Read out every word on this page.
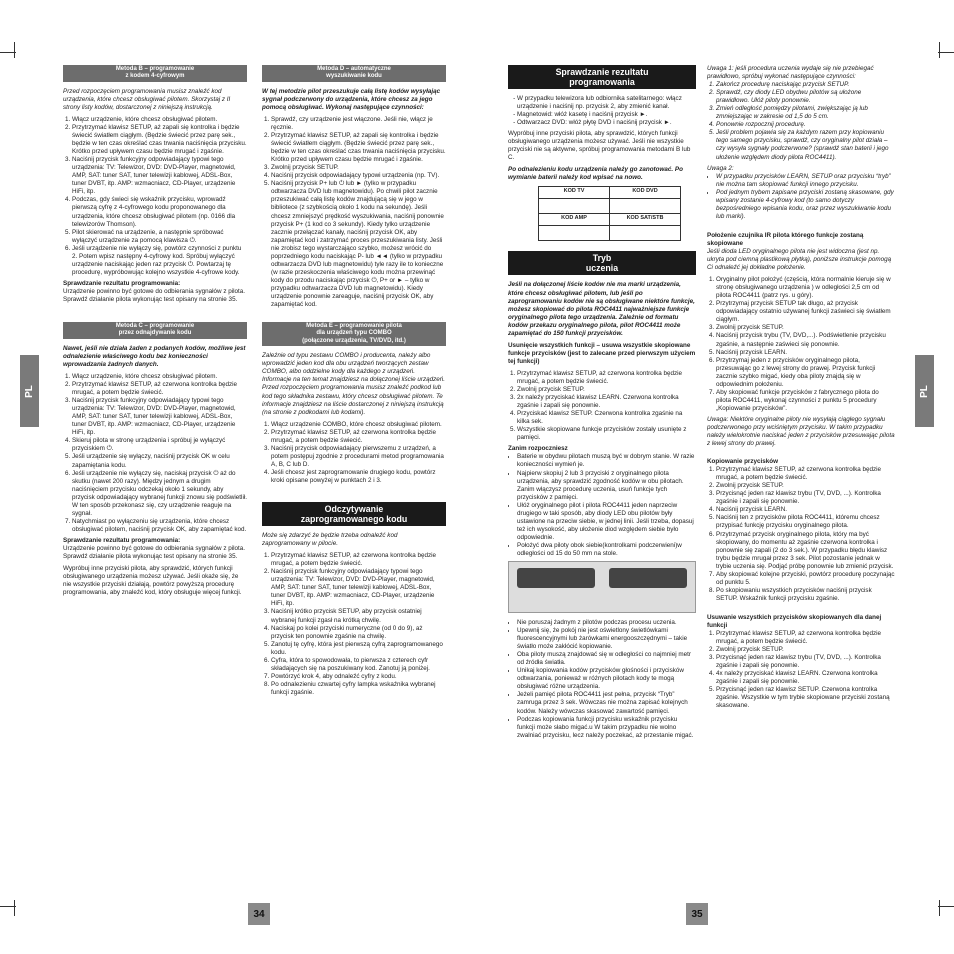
PL	PL
34	35
Metoda B – programowanie
z kodem 4-cyfrowym

Przed rozpoczęciem programowania musisz znaleźć kod urządzenia, które chcesz obsługiwać pilotem. Skorzystaj z II strony listy kodów, dostarczonej z niniejszą instrukcją.

1. Włącz urządzenie, które chcesz obsługiwać pilotem.
2. Przytrzymać klawisz SETUP, aż zapali się kontrolka i będzie świecić światłem ciągłym. (Będzie świecić przez parę sek., będzie w ten czas określać czas trwania naciśnięcia przycisku. Krótko przed upływem czasu będzie mrugać i zgaśnie.
3. Naciśnij przycisk funkcyjny odpowiadający typowi tego urządzenia: TV: Telewizor, DVD: DVD-Player, magnetowid, AMP, SAT: tuner SAT, tuner telewizji kablowej, ADSL-Box, tuner DVBT, itp. AMP: wzmacniacz, CD-Player, urządzenie HiFi, itp.
4. Podczas, gdy świeci się wskaźnik przycisku, wprowadź pierwszą cyfrę z 4-cyfrowego kodu proponowanego dla urządzenia, które chcesz obsługiwać pilotem (np. 0166 dla telewizorów Thomson).
5. Pilot skierować na urządzenie, a następnie spróbować wyłączyć urządzenie za pomocą klawisza ⏻.
6. Jeśli urządzenie nie wyłączy się, powtórz czynności z punktu 2. Potem wpisz następny 4-cyfrowy kod. Spróbuj wyłączyć urządzenie naciskając jeden raz przycisk ⏻. Powtarzaj tę procedurę, wypróbowując kolejno wszystkie 4-cyfrowe kody.

Sprawdzanie rezultatu programowania:

Urządzenie powinno być gotowe do odbierania sygnałów z pilota. Sprawdź działanie pilota wykonując test opisany na stronie 35.

Metoda C – programowanie
przez odnajdywanie kodu

Nawet, jeśli nie działa żaden z podanych kodów, możliwe jest odnalezienie właściwego kodu bez konieczności wprowadzania żadnych danych.

1. Włącz urządzenie, które chcesz obsługiwać pilotem.
2. Przytrzymać klawisz SETUP, aż czerwona kontrolka będzie mrugać, a potem będzie świecić.
3. Naciśnij przycisk funkcyjny odpowiadający typowi tego urządzenia: TV: Telewizor, DVD: DVD-Player, magnetowid, AMP, SAT: tuner SAT, tuner telewizji kablowej, ADSL-Box, tuner DVBT, itp. AMP: wzmacniacz, CD-Player, urządzenie HiFi, itp.
4. Skieruj pilota w stronę urządzenia i spróbuj je wyłączyć przyciskiem ⏻.
5. Jeśli urządzenie się wyłączy, naciśnij przycisk OK w celu zapamiętania kodu.
6. Jeśli urządzenie nie wyłączy się, naciskaj przycisk ⏻ aż do skutku (nawet 200 razy). Między jednym a drugim naciśnięciem przycisku odczekaj około 1 sekundy, aby przycisk odpowiadający wybranej funkcji znowu się podświetlił. W ten sposób przekonasz się, czy urządzenie reaguje na sygnał.
7. Natychmiast po wyłączeniu się urządzenia, które chcesz obsługiwać pilotem, naciśnij przycisk OK, aby zapamiętać kod.

Sprawdzanie rezultatu programowania:

Urządzenie powinno być gotowe do odbierania sygnałów z pilota. Sprawdź działanie pilota wykonując test opisany na stronie 35.

Wypróbuj inne przyciski pilota, aby sprawdzić, których funkcji obsługiwanego urządzenia możesz używać. Jeśli okaże się, że nie wszystkie przyciski działają, powtórz powyższą procedurę programowania, aby znaleźć kod, który obsługuje więcej funkcji.

Metoda D – automatyczne
wyszukiwanie kodu

W tej metodzie pilot przeszukuje całą listę kodów wysyłając sygnał podczerwony do urządzenia, które chcesz za jego pomocą obsługiwać. Wykonaj następujące czynności:

1. Sprawdź, czy urządzenie jest włączone. Jeśli nie, włącz je ręcznie.
2. Przytrzymać klawisz SETUP, aż zapali się kontrolka i będzie świecić światłem ciągłym. (Będzie świecić przez parę sek., będzie w ten czas określać czas trwania naciśnięcia przycisku. Krótko przed upływem czasu będzie mrugać i zgaśnie.
3. Zwolnij przycisk SETUP.
4. Naciśnij przycisk odpowiadający typowi urządzenia (np. TV).
5. Naciśnij przycisk P+ lub ⏻ lub ► (tylko w przypadku odtwarzacza DVD lub magnetowidu). Po chwili pilot zacznie przeszukiwać całą listę kodów znajdującą się w jego w bibliotece (z szybkością około 1 kodu na sekundę). Jeśli chcesz zmniejszyć prędkość wyszukiwania, naciśnij ponownie przycisk P+ (1 kod co 3 sekundy). Kiedy tylko urządzenie zacznie przełączać kanały, naciśnij przycisk OK, aby zapamiętać kod i zatrzymać proces przeszukiwania listy. Jeśli nie zrobisz tego wystarczająco szybko, możesz wrócić do poprzedniego kodu naciskając P- lub ◄◄ (tylko w przypadku odtwarzacza DVD lub magnetowidu) tyle razy ile to konieczne (w razie przeskoczenia właściwego kodu można przewinąć kody do przodu naciskając przycisk ⏻, P+ or ► – tylko w przypadku odtwarzacza DVD lub magnetowidu). Kiedy urządzenie ponownie zareaguje, naciśnij przycisk OK, aby zapamiętać kod.
Metoda E – programowanie pilota
dla urządzeń typu COMBO
(połączone urządzenia, TV/DVD, itd.)

Zależnie od typu zestawu COMBO i producenta, należy albo wprowadzić jeden kod dla obu urządzeń tworzących zestaw COMBO, albo oddzielne kody dla każdego z urządzeń. Informacje na ten temat znajdziesz na dołączonej liście urządzeń. Przed rozpoczęciem programowania musisz znaleźć podkod lub kod tego składnika zestawu, który chcesz obsługiwać pilotem. Te informacje znajdziesz na liście dostarczonej z niniejszą instrukcją (na stronie z podkodami lub kodami).

1. Włącz urządzenie COMBO, które chcesz obsługiwać pilotem.
2. Przytrzymać klawisz SETUP, aż czerwona kontrolka będzie mrugać, a potem będzie świecić.
3. Naciśnij przycisk odpowiadający pierwszemu z urządzeń, a potem postępuj zgodnie z procedurami metod programowania A, B, C lub D.
4. Jeśli chcesz jest zaprogramowanie drugiego kodu, powtórz kroki opisane powyżej w punktach 2 i 3.
Odczytywanie
zaprogramowanego kodu

Może się zdarzyć że będzie trzeba odnaleźć kod zaprogramowany w pilocie.

1. Przytrzymać klawisz SETUP, aż czerwona kontrolka będzie mrugać, a potem będzie świecić.
2. Naciśnij przycisk funkcyjny odpowiadający typowi tego urządzenia: TV: Telewizor, DVD: DVD-Player, magnetowid, AMP, SAT: tuner SAT, tuner telewizji kablowej, ADSL-Box, tuner DVBT, itp. AMP: wzmacniacz, CD-Player, urządzenie HiFi, itp.
3. Naciśnij krótko przycisk SETUP, aby przycisk ostatniej wybranej funkcji zgasł na krótką chwilę.
4. Naciskaj po kolei przyciski numeryczne (od 0 do 9), aż przycisk ten ponownie zgaśnie na chwilę.
5. Zanotuj tę cyfrę, która jest pierwszą cyfrą zaprogramowanego kodu.
6. Cyfra, która to spowodowała, to pierwsza z czterech cyfr składających się na poszukiwany kod. Zanotuj ją poniżej.
7. Powtórzyć krok 4, aby odnaleźć cyfry z kodu.
8. Po odnalezieniu czwartej cyfry lampka wskaźnika wybranej funkcji zgaśnie.
Sprawdzanie rezultatu
programowania
- W przypadku telewizora lub odbiornika satelitarnego: włącz urządzenie i naciśnij np. przycisk 2, aby zmienić kanał.
- Magnetowid: włóż kasetę i naciśnij przycisk ►.
- Odtwarzacz DVD: włóż płytę DVD i naciśnij przycisk ►.

Wypróbuj inne przyciski pilota, aby sprawdzić, których funkcji obsługiwanego urządzenia możesz używać. Jeśli nie wszystkie przyciski nie są aktywne, spróbuj programowania metodami B lub C.

Po odnalezieniu kodu urządzenia należy go zanotować. Po wymianie baterii należy kod wpisać na nowo.

KOD TV	KOD DVD

KOD AMP	KOD SAT/STB

Tryb
uczenia

Jeśli na dołączonej liście kodów nie ma marki urządzenia, które chcesz obsługiwać pilotem, lub jeśli po zaprogramowaniu kodów nie są obsługiwane niektóre funkcje, możesz skopiować do pilota ROC4411 najważniejsze funkcje oryginalnego pilota tego urządzenia. Zależnie od formatu kodów przekazu oryginalnego pilota, pilot ROC4411 może zapamiętać do 150 funkcji przycisków.

Usunięcie wszystkich funkcji – usuwa wszystkie skopiowane funkcje przycisków (jest to zalecane przed pierwszym użyciem tej funkcji)

1. Przytrzymać klawisz SETUP, aż czerwona kontrolka będzie mrugać, a potem będzie świecić.
2. Zwolnij przycisk SETUP.
3. 2x naleźy przyciskać klawisz LEARN. Czerwona kontrolka zgaśnie i zapali się ponownie.
4. Przyciskać klawisz SETUP. Czerwona kontrolka zgaśnie na kilka sek.
5. Wszystkie skopiowane funkcje przycisków zostały usunięte z pamięci.

Zanim rozpoczniesz

• Baterie w obydwu pilotach muszą być w dobrym stanie. W razie konieczności wymień je.
• Najpierw skopiuj 2 lub 3 przyciski z oryginalnego pilota urządzenia, aby sprawdzić zgodność kodów w obu pilotach. Zanim włączysz procedurę uczenia, usuń funkcje tych przycisków z pamięci.
• Ułóż oryginalnego pilot i pilota ROC4411 jeden naprzeciw drugiego w taki sposób, aby diody LED obu pilotów były ustawione na przeciw siebie, w jednej linii. Jeśli trzeba, dopasuj też ich wysokość, aby ułożenie diod względem siebie było odpowiednie.
• Położyć dwa piloty obok siebie(kontrolkami podczerwieni)w odległości od 15 do 50 mm na stole.
• Nie poruszaj żadnym z pilotów podczas procesu uczenia.
• Upewnij się, że pokój nie jest oświetlony świetlówkami fluorescencyjnymi lub żarówkami energooszczędnymi – takie światło może zakłócić kopiowanie.
• Oba piloty muszą znajdować się w odległości co najmniej metr od źródła światła.
• Unikaj kopiowania kodów przycisków głośności i przycisków odtwarzania, ponieważ w różnych pilotach kody te mogą obsługiwać różne urządzenia.
• Jeżeli pamięć pilota ROC4411 jest pełna, przycisk “Tryb” zamruga przez 3 sek. Wówczas nie można zapisać kolejnych kodów. Należy wówczas skasować zawartość pamięci.
• Podczas kopiowania funkcji przycisku wskaźnik przycisku funkcji może słabo migać.u W takim przypadku nie wolno zwalniać przycisku, lecz należy poczekać, aż przestanie migać.

Uwaga 1: jeśli procedura uczenia wydaje się nie przebiegać prawidłowo, spróbuj wykonać następujące czynności:

1. Zakończ procedurę naciskając przycisk SETUP.
2. Sprawdź, czy diody LED obydwu pilotów są ułożone prawidłowo. Ułóż piloty ponownie.
3. Zmień odległość pomiędzy pilotami, zwiększając ją lub zmniejszając w zakresie od 1,5 do 5 cm.
4. Ponownie rozpocznij procedurę.
5. Jeśli problem pojawia się za każdym razem przy kopiowaniu tego samego przycisku, sprawdź, czy oryginalny pilot działa – czy wysyła sygnały podczerwone? (sprawdź stan baterii i jego ułożenie względem diody pilota ROC4411).

Uwaga 2:

• W przypadku przycisków LEARN, SETUP oraz przycisku “tryb” nie można tam skopiować funkcji innego przycisku.
• Pod jednym trybem zapisane przyciski zostaną skasowane, gdy wpisany zostanie 4-cyfrowy kod (to samo dotyczy bezpośredniego wpisania kodu, oraz przez wyszukiwanie kodu lub marki).

Położenie czujnika IR pilota którego funkcje zostaną skopiowane

Jeśli dioda LED oryginalnego pilota nie jest widoczna (jest np. ukryta pod ciemną plastikową płytką), poniższe instrukcje pomogą Ci odnaleźć jej dokładne położenie.

1. Oryginalny pilot położyć (częścią, która normalnie kieruje się w stronę obsługiwanego urządzenia ) w odległości 2,5 cm od pilota ROC4411 (patrz rys. u góry).
2. Przytrzymaj przycisk SETUP tak długo, aż przycisk odpowiadający ostatnio używanej funkcji zaświeci się światłem ciągłym.
3. Zwolnij przycisk SETUP.
4. Naciśnij przycisk trybu (TV, DVD,...). Podświetlenie przycisku zgaśnie, a następnie zaświeci się ponownie.
5. Naciśnij przycisk LEARN.
6. Przytrzymaj jeden z przycisków oryginalnego pilota, przesuwając go z lewej strony do prawej. Przycisk funkcji zacznie szybko migać, kiedy oba piloty znajdą się w odpowiednim położeniu.
7. Aby skopiować funkcje przycisków z fabrycznego pilota do pilota ROC4411, wykonaj czynności z punktu 5 procedury „Kopiowanie przycisków”.

Uwaga: Niektóre oryginalne piloty nie wysyłają ciągłego sygnału podczerwonego przy wciśniętym przycisku. W takim przypadku należy wielokrotnie naciskać jeden z przycisków przesuwając pilota z lewej strony do prawej.

Kopiowanie przycisków

1. Przytrzymać klawisz SETUP, aż czerwona kontrolka będzie mrugać, a potem będzie świecić.
2. Zwolnij przycisk SETUP.
3. Przycisnąć jeden raz klawisz trybu (TV, DVD, ...). Kontrolka zgaśnie i zapali się ponownie.
4. Naciśnij przycisk LEARN.
5. Naciśnij ten z przycisków pilota ROC4411, któremu chcesz przypisać funkcję przycisku oryginalnego pilota.
6. Przytrzymać przycisk oryginalnego pilota, który ma być skopiowany, do momentu aż zgaśnie czerwona kontrolka i ponownie się zapali (2 do 3 sek.). W przypadku błędu klawisz trybu będzie mrugał przez 3 sek. Pilot pozostanie jednak w trybie uczenia się. Podjąć próbę ponownie lub zmienić przycisk.
7. Aby skopiować kolejne przyciski, powtórz procedurę poczynając od punktu 5.
8. Po skopiowaniu wszystkich przycisków naciśnij przycisk SETUP. Wskaźnik funkcji przycisku zgaśnie.

Usuwanie wszystkich przycisków skopiowanych dla danej funkcji

1. Przytrzymać klawisz SETUP, aż czerwona kontrolka będzie mrugać, a potem będzie świecić.
2. Zwolnij przycisk SETUP.
3. Przycisnąć jeden raz klawisz trybu (TV, DVD, ...). Kontrolka zgaśnie i zapali się ponownie.
4. 4x należy przyciskać klawisz LEARN. Czerwona kontrolka zgaśnie i zapali się ponownie.
5. Przycisnąć jeden raz klawisz SETUP. Czerwona kontrolka zgaśnie. Wszystkie w tym trybie skopiowane przyciski zostaną skasowane.
